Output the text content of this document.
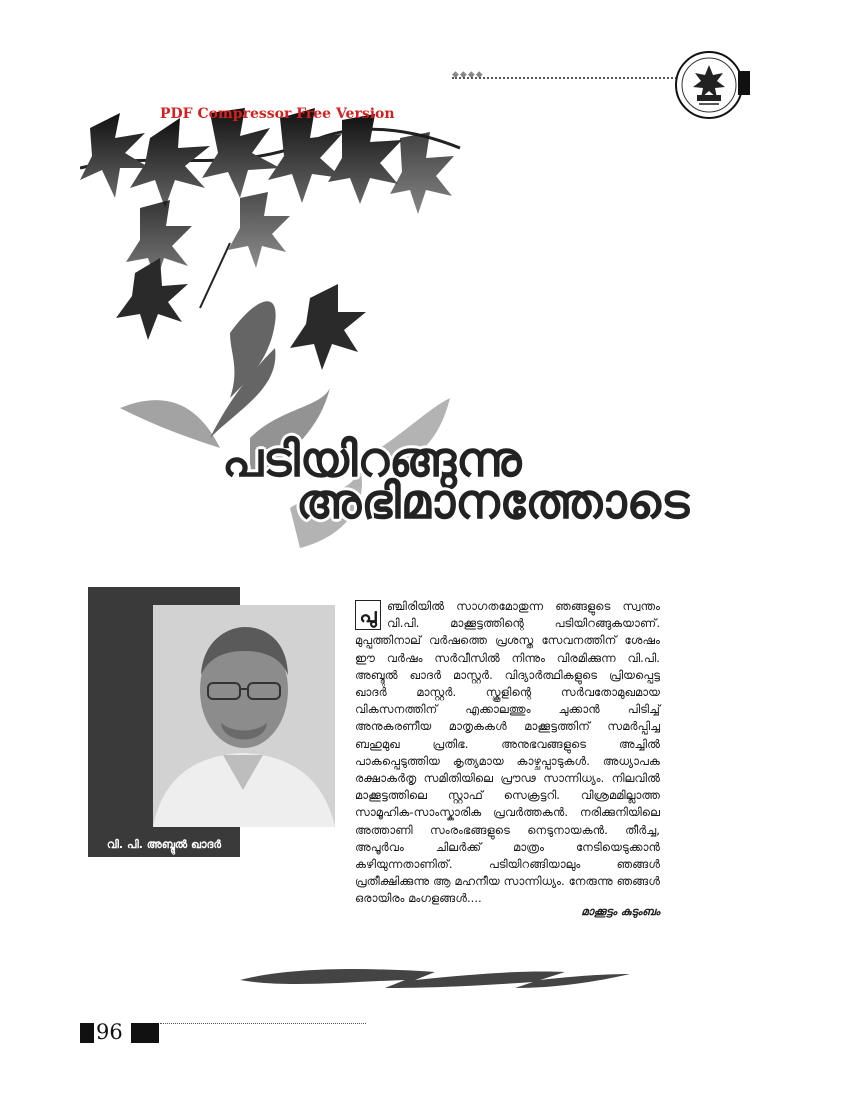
◆◆◆◆
PDF Compressor Free Version
പടിയിറങ്ങുന്നു
അഭിമാനത്തോടെ
വി. പി. അബ്ദുൽ ഖാദർ
പു ഞ്ചിരിയിൽ സാഗതമോതുന്ന ഞങ്ങളുടെ സ്വന്തം വി.പി. മാക്കൂട്ടത്തിന്റെ പടിയിറങ്ങുകയാണ്. മുപ്പത്തിനാല് വർഷത്തെ പ്രശസ്ത സേവനത്തിന് ശേഷം ഈ വർഷം സർവീസിൽ നിന്നും വിരമിക്കുന്ന വി.പി. അബ്ദുൽ ഖാദർ മാസ്റ്റർ. വിദ്യാർത്ഥികളുടെ പ്രിയപ്പെട്ട ഖാദർ മാസ്റ്റർ. സ്കൂളിന്റെ സർവതോമുഖമായ വികസനത്തിന് എക്കാലത്തും ചുക്കാൻ പിടിച്ച് അനുകരണീയ മാതൃകകൾ മാക്കൂട്ടത്തിന് സമർപ്പിച്ച ബഹുമുഖ പ്രതിഭ. അനുഭവങ്ങളുടെ അച്ചിൽ പാകപ്പെടുത്തിയ കൃത്യമായ കാഴ്ചപ്പാടുകൾ. അധ്യാപക രക്ഷാകർതൃ സമിതിയിലെ പ്രൗഢ സാന്നിധ്യം. നിലവിൽ മാക്കൂട്ടത്തിലെ സ്റ്റാഫ് സെക്രട്ടറി. വിശ്രമമില്ലാത്ത സാമൂഹിക-സാംസ്കാരിക പ്രവർത്തകൻ. നരിക്കുനിയിലെ അത്താണി സംരംഭങ്ങളുടെ നെടുനായകൻ. തീർച്ച, അപൂർവം ചിലർക്ക് മാത്രം നേടിയെടുക്കാൻ കഴിയുന്നതാണിത്. പടിയിറങ്ങിയാലും ഞങ്ങൾ പ്രതീക്ഷിക്കുന്നു ആ മഹനീയ സാന്നിധ്യം. നേരുന്നു ഞങ്ങൾ ഒരായിരം മംഗളങ്ങൾ....

മാക്കൂട്ടം കുടുംബം
96
